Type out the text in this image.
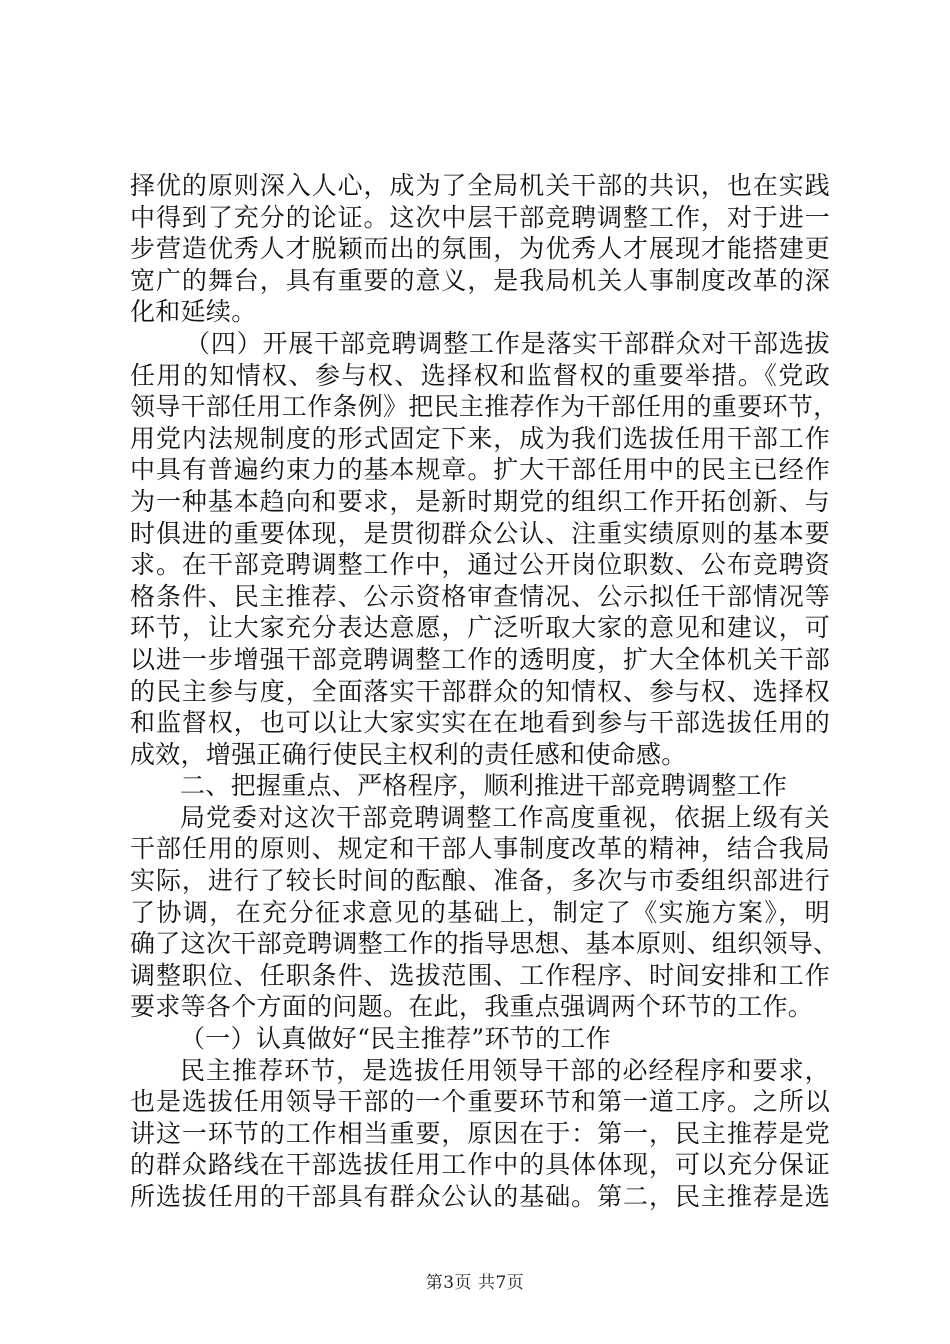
择优的原则深入人心，成为了全局机关干部的共识，也在实践
中得到了充分的论证。这次中层干部竞聘调整工作，对于进一
步营造优秀人才脱颖而出的氛围，为优秀人才展现才能搭建更
宽广的舞台，具有重要的意义，是我局机关人事制度改革的深
化和延续。
（四）开展干部竞聘调整工作是落实干部群众对干部选拔
任用的知情权、参与权、选择权和监督权的重要举措。《党政
领导干部任用工作条例》把民主推荐作为干部任用的重要环节，
用党内法规制度的形式固定下来，成为我们选拔任用干部工作
中具有普遍约束力的基本规章。扩大干部任用中的民主已经作
为一种基本趋向和要求，是新时期党的组织工作开拓创新、与
时俱进的重要体现，是贯彻群众公认、注重实绩原则的基本要
求。在干部竞聘调整工作中，通过公开岗位职数、公布竞聘资
格条件、民主推荐、公示资格审查情况、公示拟任干部情况等
环节，让大家充分表达意愿，广泛听取大家的意见和建议，可
以进一步增强干部竞聘调整工作的透明度，扩大全体机关干部
的民主参与度，全面落实干部群众的知情权、参与权、选择权
和监督权，也可以让大家实实在在地看到参与干部选拔任用的
成效，增强正确行使民主权利的责任感和使命感。
二、把握重点、严格程序，顺利推进干部竞聘调整工作
局党委对这次干部竞聘调整工作高度重视，依据上级有关
干部任用的原则、规定和干部人事制度改革的精神，结合我局
实际，进行了较长时间的酝酿、准备，多次与市委组织部进行
了协调，在充分征求意见的基础上，制定了《实施方案》，明
确了这次干部竞聘调整工作的指导思想、基本原则、组织领导、
调整职位、任职条件、选拔范围、工作程序、时间安排和工作
要求等各个方面的问题。在此，我重点强调两个环节的工作。
（一）认真做好“民主推荐”环节的工作
民主推荐环节，是选拔任用领导干部的必经程序和要求，
也是选拔任用领导干部的一个重要环节和第一道工序。之所以
讲这一环节的工作相当重要，原因在于：第一，民主推荐是党
的群众路线在干部选拔任用工作中的具体体现，可以充分保证
所选拔任用的干部具有群众公认的基础。第二，民主推荐是选
第3页 共7页
